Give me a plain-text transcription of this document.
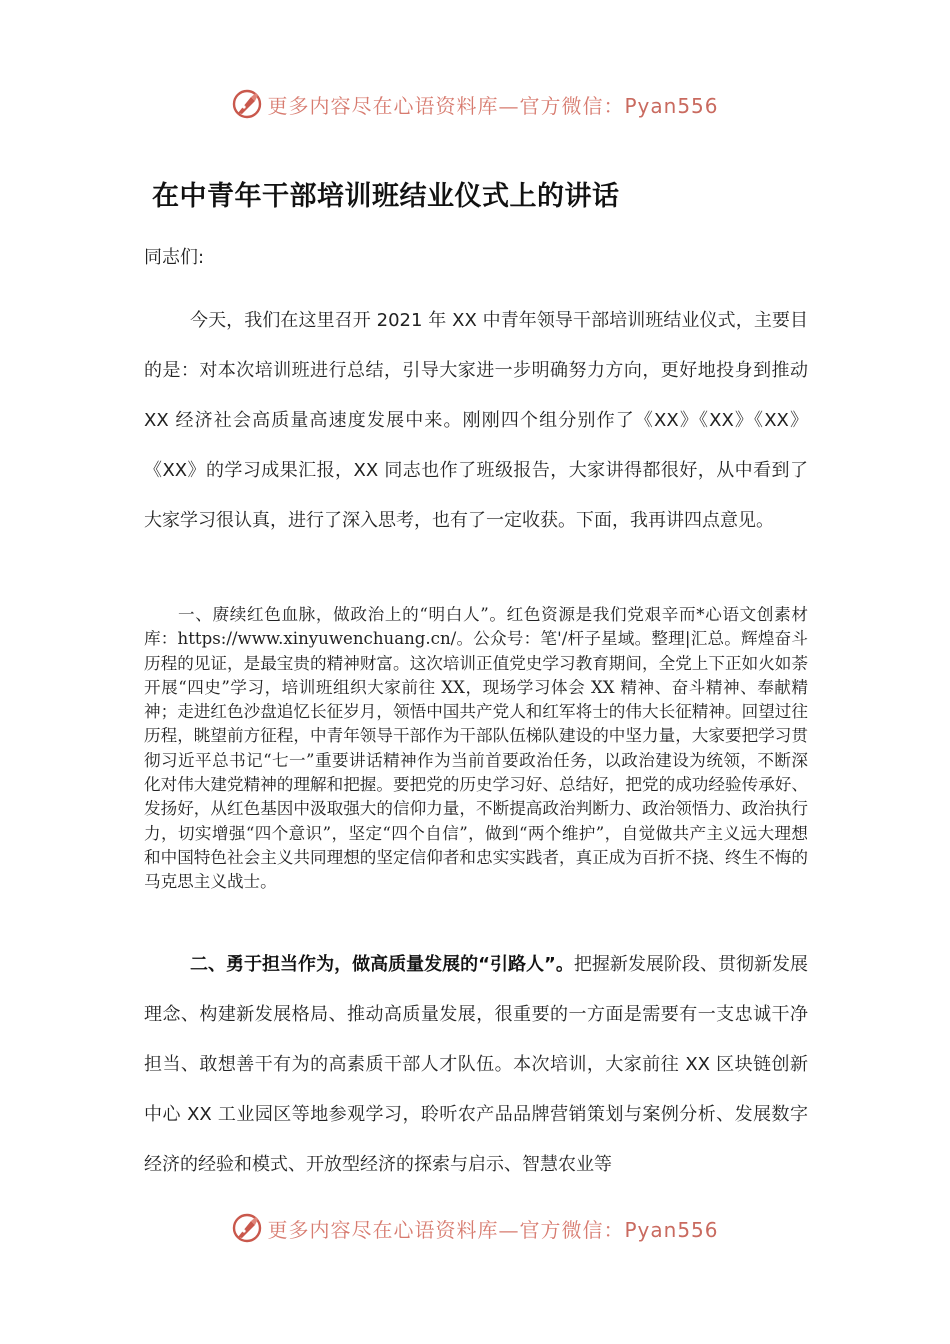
更多内容尽在心语资料库—官方微信：Pyan556
在中青年干部培训班结业仪式上的讲话
同志们:

今天，我们在这里召开 2021 年 XX 中青年领导干部培训班结业仪式，主要目的是：对本次培训班进行总结，引导大家进一步明确努力方向，更好地投身到推动 XX 经济社会高质量高速度发展中来。刚刚四个组分别作了《XX》《XX》《XX》《XX》的学习成果汇报，XX 同志也作了班级报告，大家讲得都很好，从中看到了大家学习很认真，进行了深入思考，也有了一定收获。下面，我再讲四点意见。

一、赓续红色血脉，做政治上的“明白人”。红色资源是我们党艰辛而*心语文创素材库：https://www.xinyuwenchuang.cn/。公众号：笔'/杆子星域。整理|汇总。辉煌奋斗历程的见证，是最宝贵的精神财富。这次培训正值党史学习教育期间，全党上下正如火如荼开展“四史”学习，培训班组织大家前往 XX，现场学习体会 XX 精神、奋斗精神、奉献精神；走进红色沙盘追忆长征岁月，领悟中国共产党人和红军将士的伟大长征精神。回望过往历程，眺望前方征程，中青年领导干部作为干部队伍梯队建设的中坚力量，大家要把学习贯彻习近平总书记“七一”重要讲话精神作为当前首要政治任务，以政治建设为统领，不断深化对伟大建党精神的理解和把握。要把党的历史学习好、总结好，把党的成功经验传承好、发扬好，从红色基因中汲取强大的信仰力量，不断提高政治判断力、政治领悟力、政治执行力，切实增强“四个意识”，坚定“四个自信”，做到“两个维护”，自觉做共产主义远大理想和中国特色社会主义共同理想的坚定信仰者和忠实实践者，真正成为百折不挠、终生不悔的马克思主义战士。

二、勇于担当作为，做高质量发展的“引路人”。把握新发展阶段、贯彻新发展理念、构建新发展格局、推动高质量发展，很重要的一方面是需要有一支忠诚干净担当、敢想善干有为的高素质干部人才队伍。本次培训，大家前往 XX 区块链创新中心 XX 工业园区等地参观学习，聆听农产品品牌营销策划与案例分析、发展数字经济的经验和模式、开放型经济的探索与启示、智慧农业等

更多内容尽在心语资料库—官方微信：Pyan556
